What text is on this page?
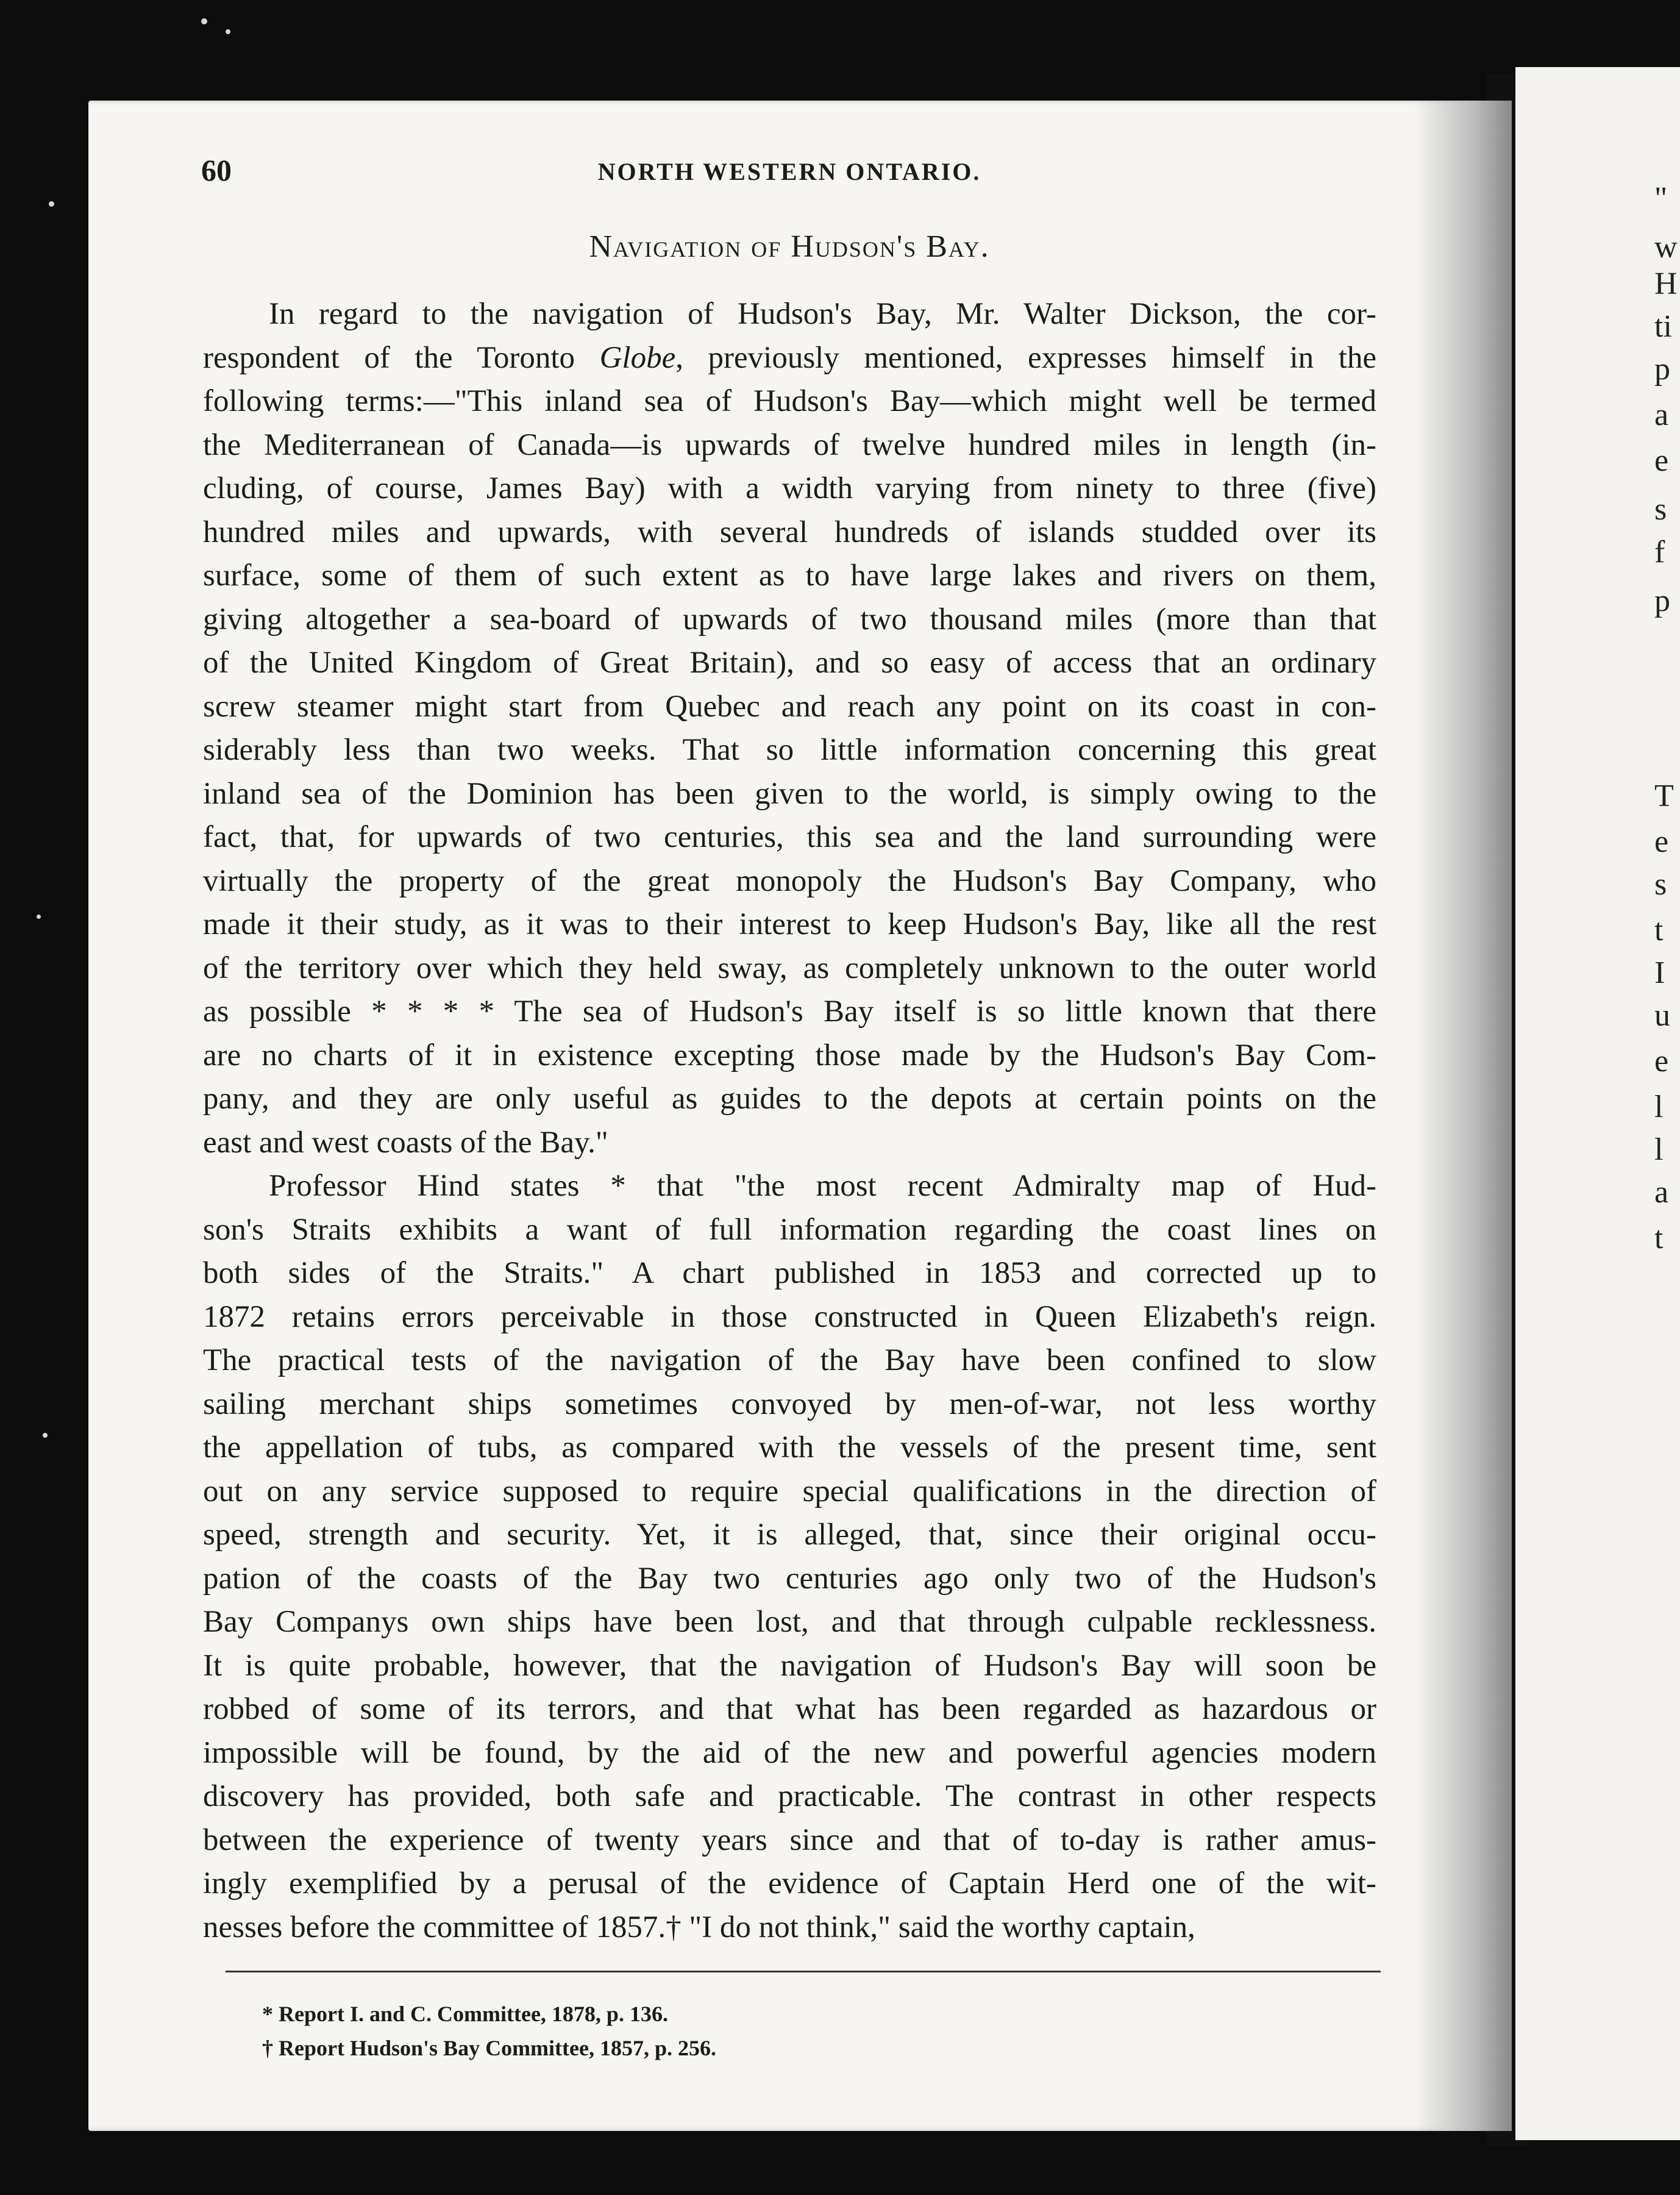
"
w
H
ti
p
a
e
s
f
p
T
e
s
t
I
u
e
l
l
a
t
60	NORTH WESTERN ONTARIO.
Navigation of Hudson's Bay.
In regard to the navigation of Hudson's Bay, Mr. Walter Dickson, the cor-
respondent of the Toronto Globe, previously mentioned, expresses himself in the
following terms:—"This inland sea of Hudson's Bay—which might well be termed
the Mediterranean of Canada—is upwards of twelve hundred miles in length (in-
cluding, of course, James Bay) with a width varying from ninety to three (five)
hundred miles and upwards, with several hundreds of islands studded over its
surface, some of them of such extent as to have large lakes and rivers on them,
giving altogether a sea-board of upwards of two thousand miles (more than that
of the United Kingdom of Great Britain), and so easy of access that an ordinary
screw steamer might start from Quebec and reach any point on its coast in con-
siderably less than two weeks. That so little information concerning this great
inland sea of the Dominion has been given to the world, is simply owing to the
fact, that, for upwards of two centuries, this sea and the land surrounding were
virtually the property of the great monopoly the Hudson's Bay Company, who
made it their study, as it was to their interest to keep Hudson's Bay, like all the rest
of the territory over which they held sway, as completely unknown to the outer world
as possible * * * * The sea of Hudson's Bay itself is so little known that there
are no charts of it in existence excepting those made by the Hudson's Bay Com-
pany, and they are only useful as guides to the depots at certain points on the
east and west coasts of the Bay."
Professor Hind states * that "the most recent Admiralty map of Hud-
son's Straits exhibits a want of full information regarding the coast lines on
both sides of the Straits." A chart published in 1853 and corrected up to
1872 retains errors perceivable in those constructed in Queen Elizabeth's reign.
The practical tests of the navigation of the Bay have been confined to slow
sailing merchant ships sometimes convoyed by men-of-war, not less worthy
the appellation of tubs, as compared with the vessels of the present time, sent
out on any service supposed to require special qualifications in the direction of
speed, strength and security. Yet, it is alleged, that, since their original occu-
pation of the coasts of the Bay two centuries ago only two of the Hudson's
Bay Companys own ships have been lost, and that through culpable recklessness.
It is quite probable, however, that the navigation of Hudson's Bay will soon be
robbed of some of its terrors, and that what has been regarded as hazardous or
impossible will be found, by the aid of the new and powerful agencies modern
discovery has provided, both safe and practicable. The contrast in other respects
between the experience of twenty years since and that of to-day is rather amus-
ingly exemplified by a perusal of the evidence of Captain Herd one of the wit-
nesses before the committee of 1857.† "I do not think," said the worthy captain,
* Report I. and C. Committee, 1878, p. 136.
† Report Hudson's Bay Committee, 1857, p. 256.
